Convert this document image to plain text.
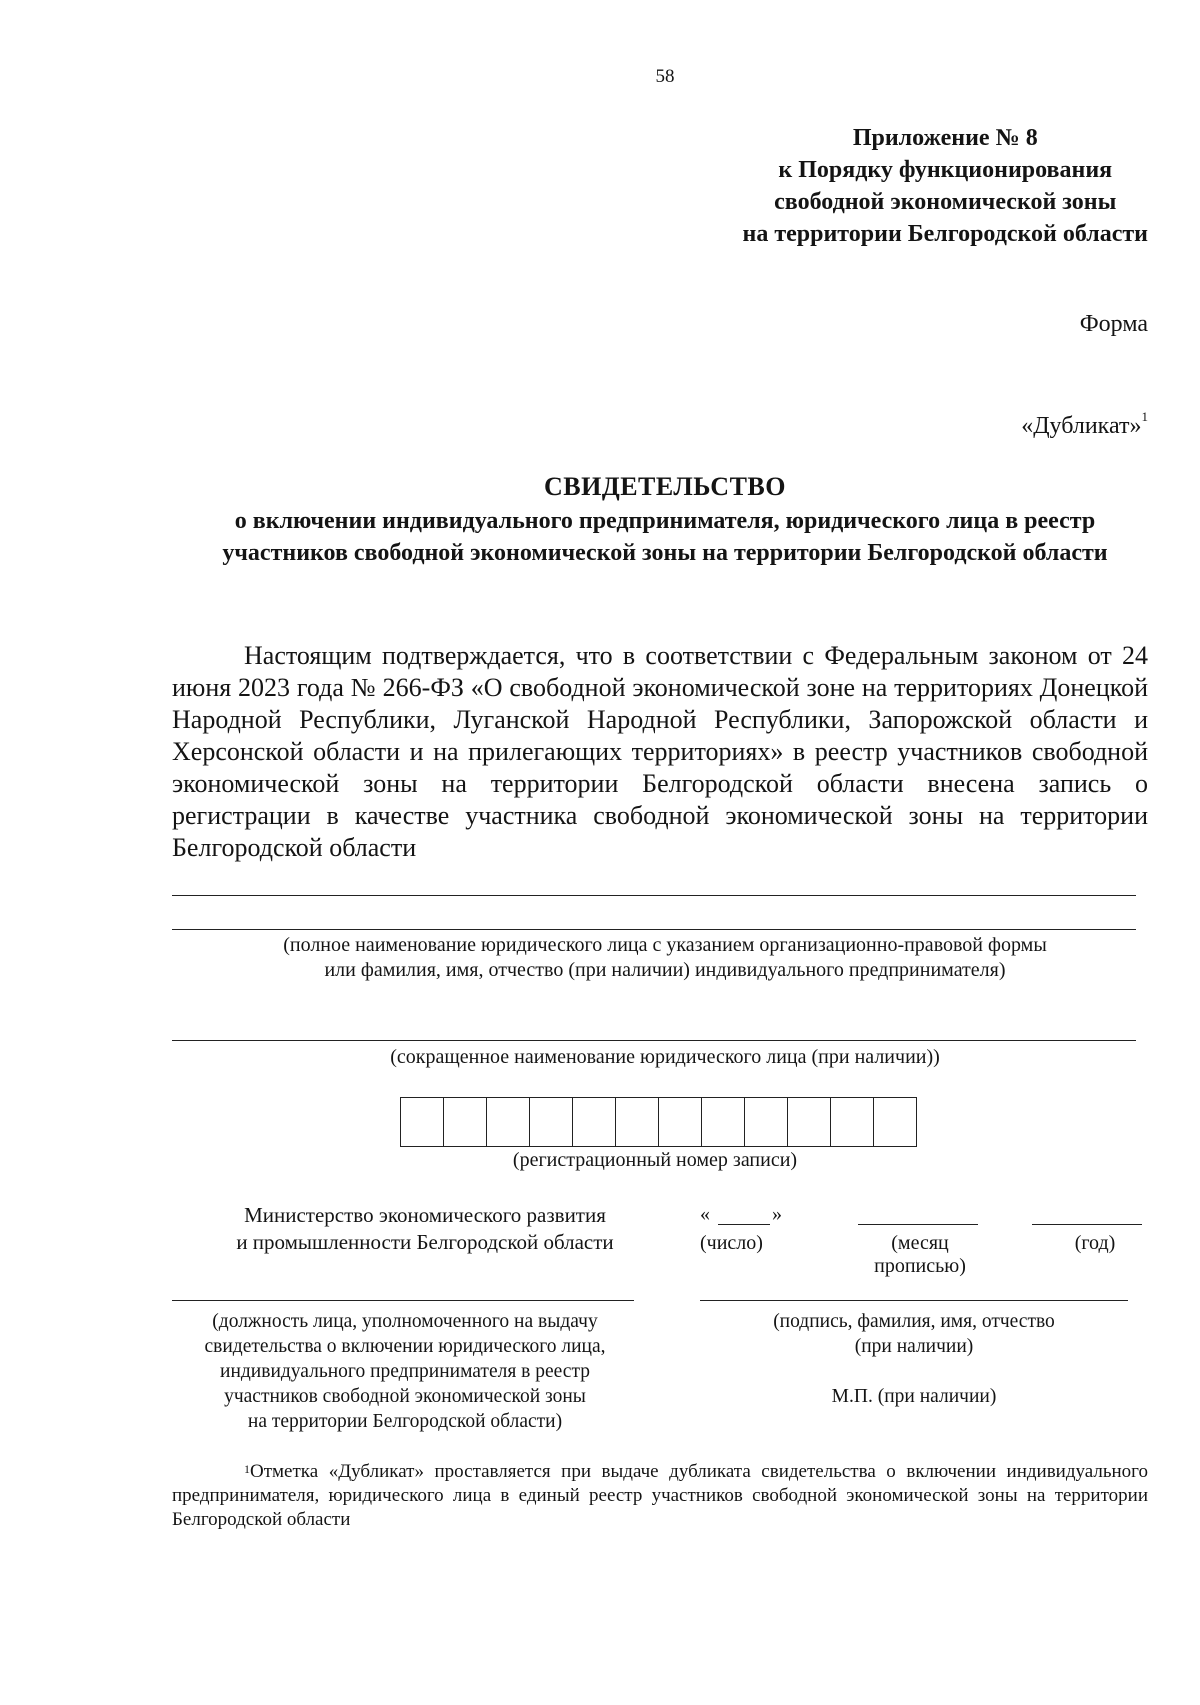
58
Приложение № 8
к Порядку функционирования
свободной экономической зоны
на территории Белгородской области
Форма
«Дубликат»$^1$
СВИДЕТЕЛЬСТВО
о включении индивидуального предпринимателя, юридического лица в реестр участников свободной экономической зоны на территории Белгородской области
Настоящим подтверждается, что в соответствии с Федеральным законом от 24 июня 2023 года № 266-ФЗ «О свободной экономической зоне на территориях Донецкой Народной Республики, Луганской Народной Республики, Запорожской области и Херсонской области и на прилегающих территориях» в реестр участников свободной экономической зоны на территории Белгородской области внесена запись о регистрации в качестве участника свободной экономической зоны на территории Белгородской области
(полное наименование юридического лица с указанием организационно-правовой формы
или фамилия, имя, отчество (при наличии) индивидуального предпринимателя)
(сокращенное наименование юридического лица (при наличии))
(регистрационный номер записи)
Министерство экономического развития
и промышленности Белгородской области
«	»
(число)	(месяц
прописью)
(год)
(должность лица, уполномоченного на выдачу
свидетельства о включении юридического лица,
индивидуального предпринимателя в реестр
участников свободной экономической зоны
на территории Белгородской области)
(подпись, фамилия, имя, отчество
(при наличии)
М.П. (при наличии)
$^1$Отметка «Дубликат» проставляется при выдаче дубликата свидетельства о включении индивидуального предпринимателя, юридического лица в единый реестр участников свободной экономической зоны на территории Белгородской области
